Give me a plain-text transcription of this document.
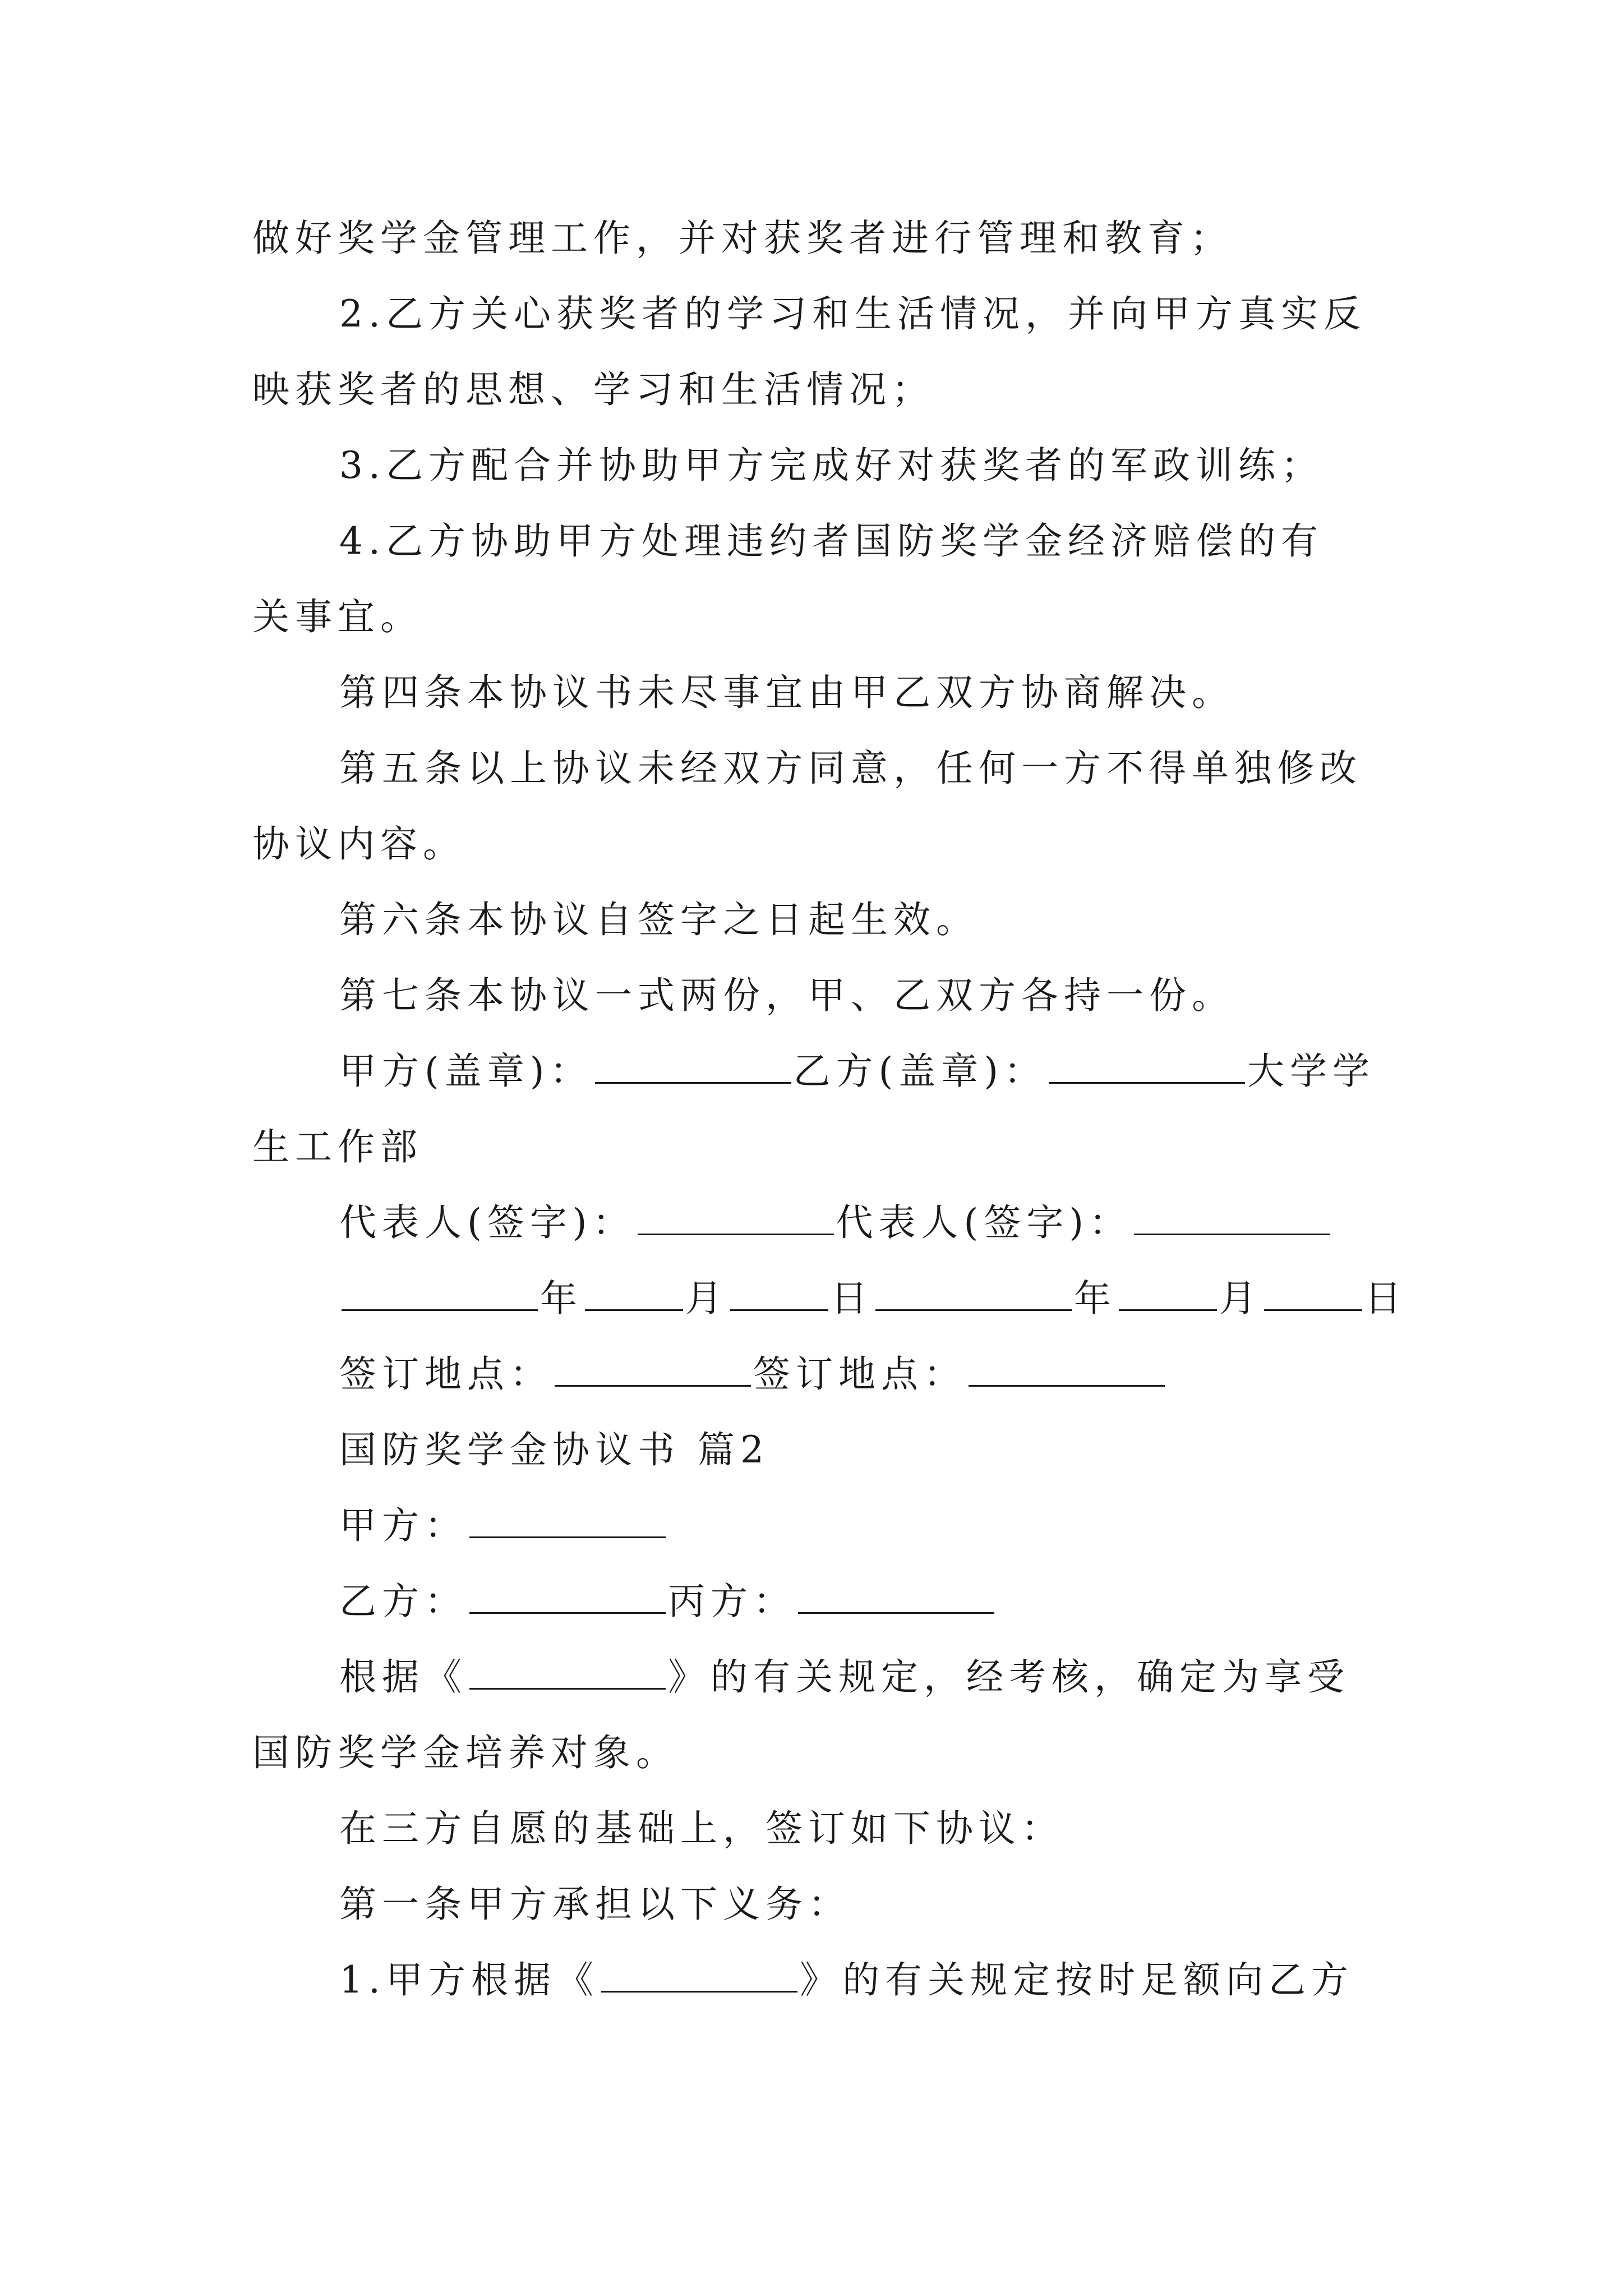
做好奖学金管理工作，并对获奖者进行管理和教育；
2.乙方关心获奖者的学习和生活情况，并向甲方真实反
映获奖者的思想、学习和生活情况；
3.乙方配合并协助甲方完成好对获奖者的军政训练；
4.乙方协助甲方处理违约者国防奖学金经济赔偿的有
关事宜。
第四条本协议书未尽事宜由甲乙双方协商解决。
第五条以上协议未经双方同意，任何一方不得单独修改
协议内容。
第六条本协议自签字之日起生效。
第七条本协议一式两份，甲、乙双方各持一份。
甲方(盖章)：	乙方(盖章)：	大学学
生工作部
代表人(签字)：	代表人(签字)：
年	月	日	年	月	日
签订地点：	签订地点：
国防奖学金协议书 篇2
甲方：
乙方：	丙方：
根据《	》的有关规定，经考核，确定为享受
国防奖学金培养对象。
在三方自愿的基础上，签订如下协议：
第一条甲方承担以下义务：
1.甲方根据《	》的有关规定按时足额向乙方
